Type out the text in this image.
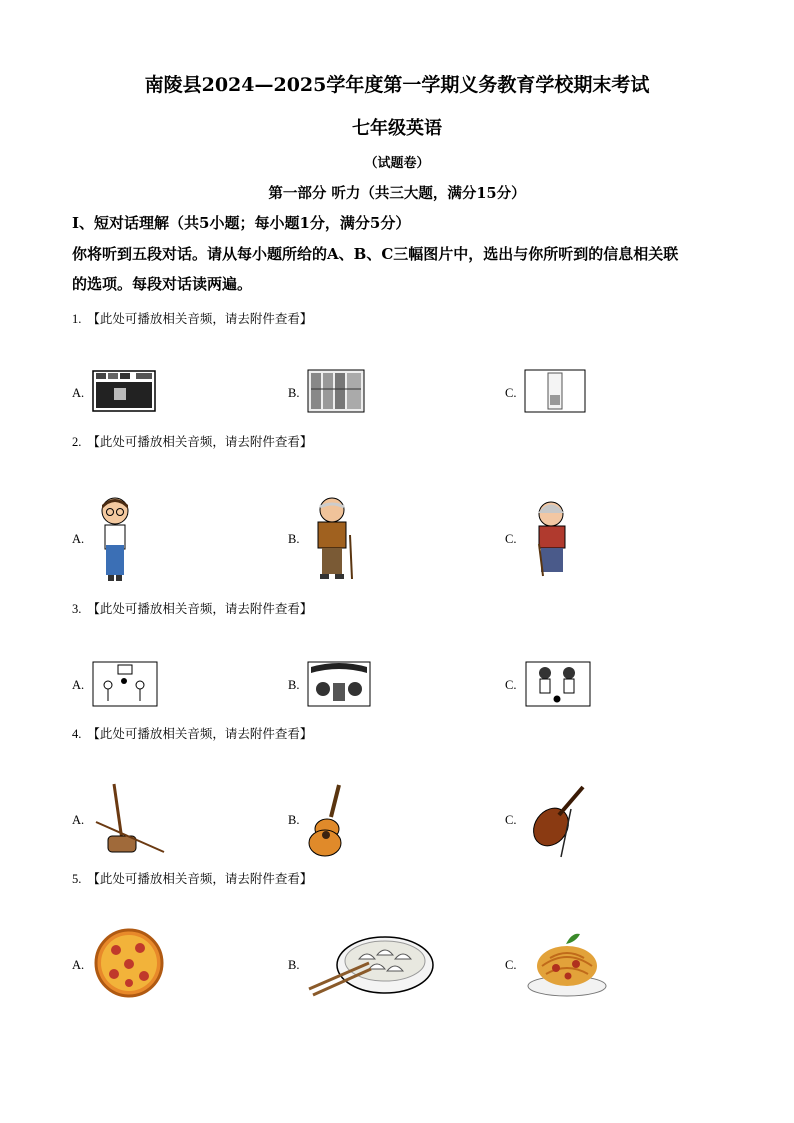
南陵县2024—2025学年度第一学期义务教育学校期末考试
七年级英语
（试题卷）
第一部分 听力（共三大题，满分15分）
I、短对话理解（共5小题；每小题1分，满分5分）
你将听到五段对话。请从每小题所给的A、B、C三幅图片中，选出与你所听到的信息相关联
的选项。每段对话读两遍。
1. 【此处可播放相关音频，请去附件查看】
A.	B.	C.
2. 【此处可播放相关音频，请去附件查看】
A.	B.	C.
3. 【此处可播放相关音频，请去附件查看】
A.	B.	C.
4. 【此处可播放相关音频，请去附件查看】
A.	B.	C.
5. 【此处可播放相关音频，请去附件查看】
A.	B.	C.
